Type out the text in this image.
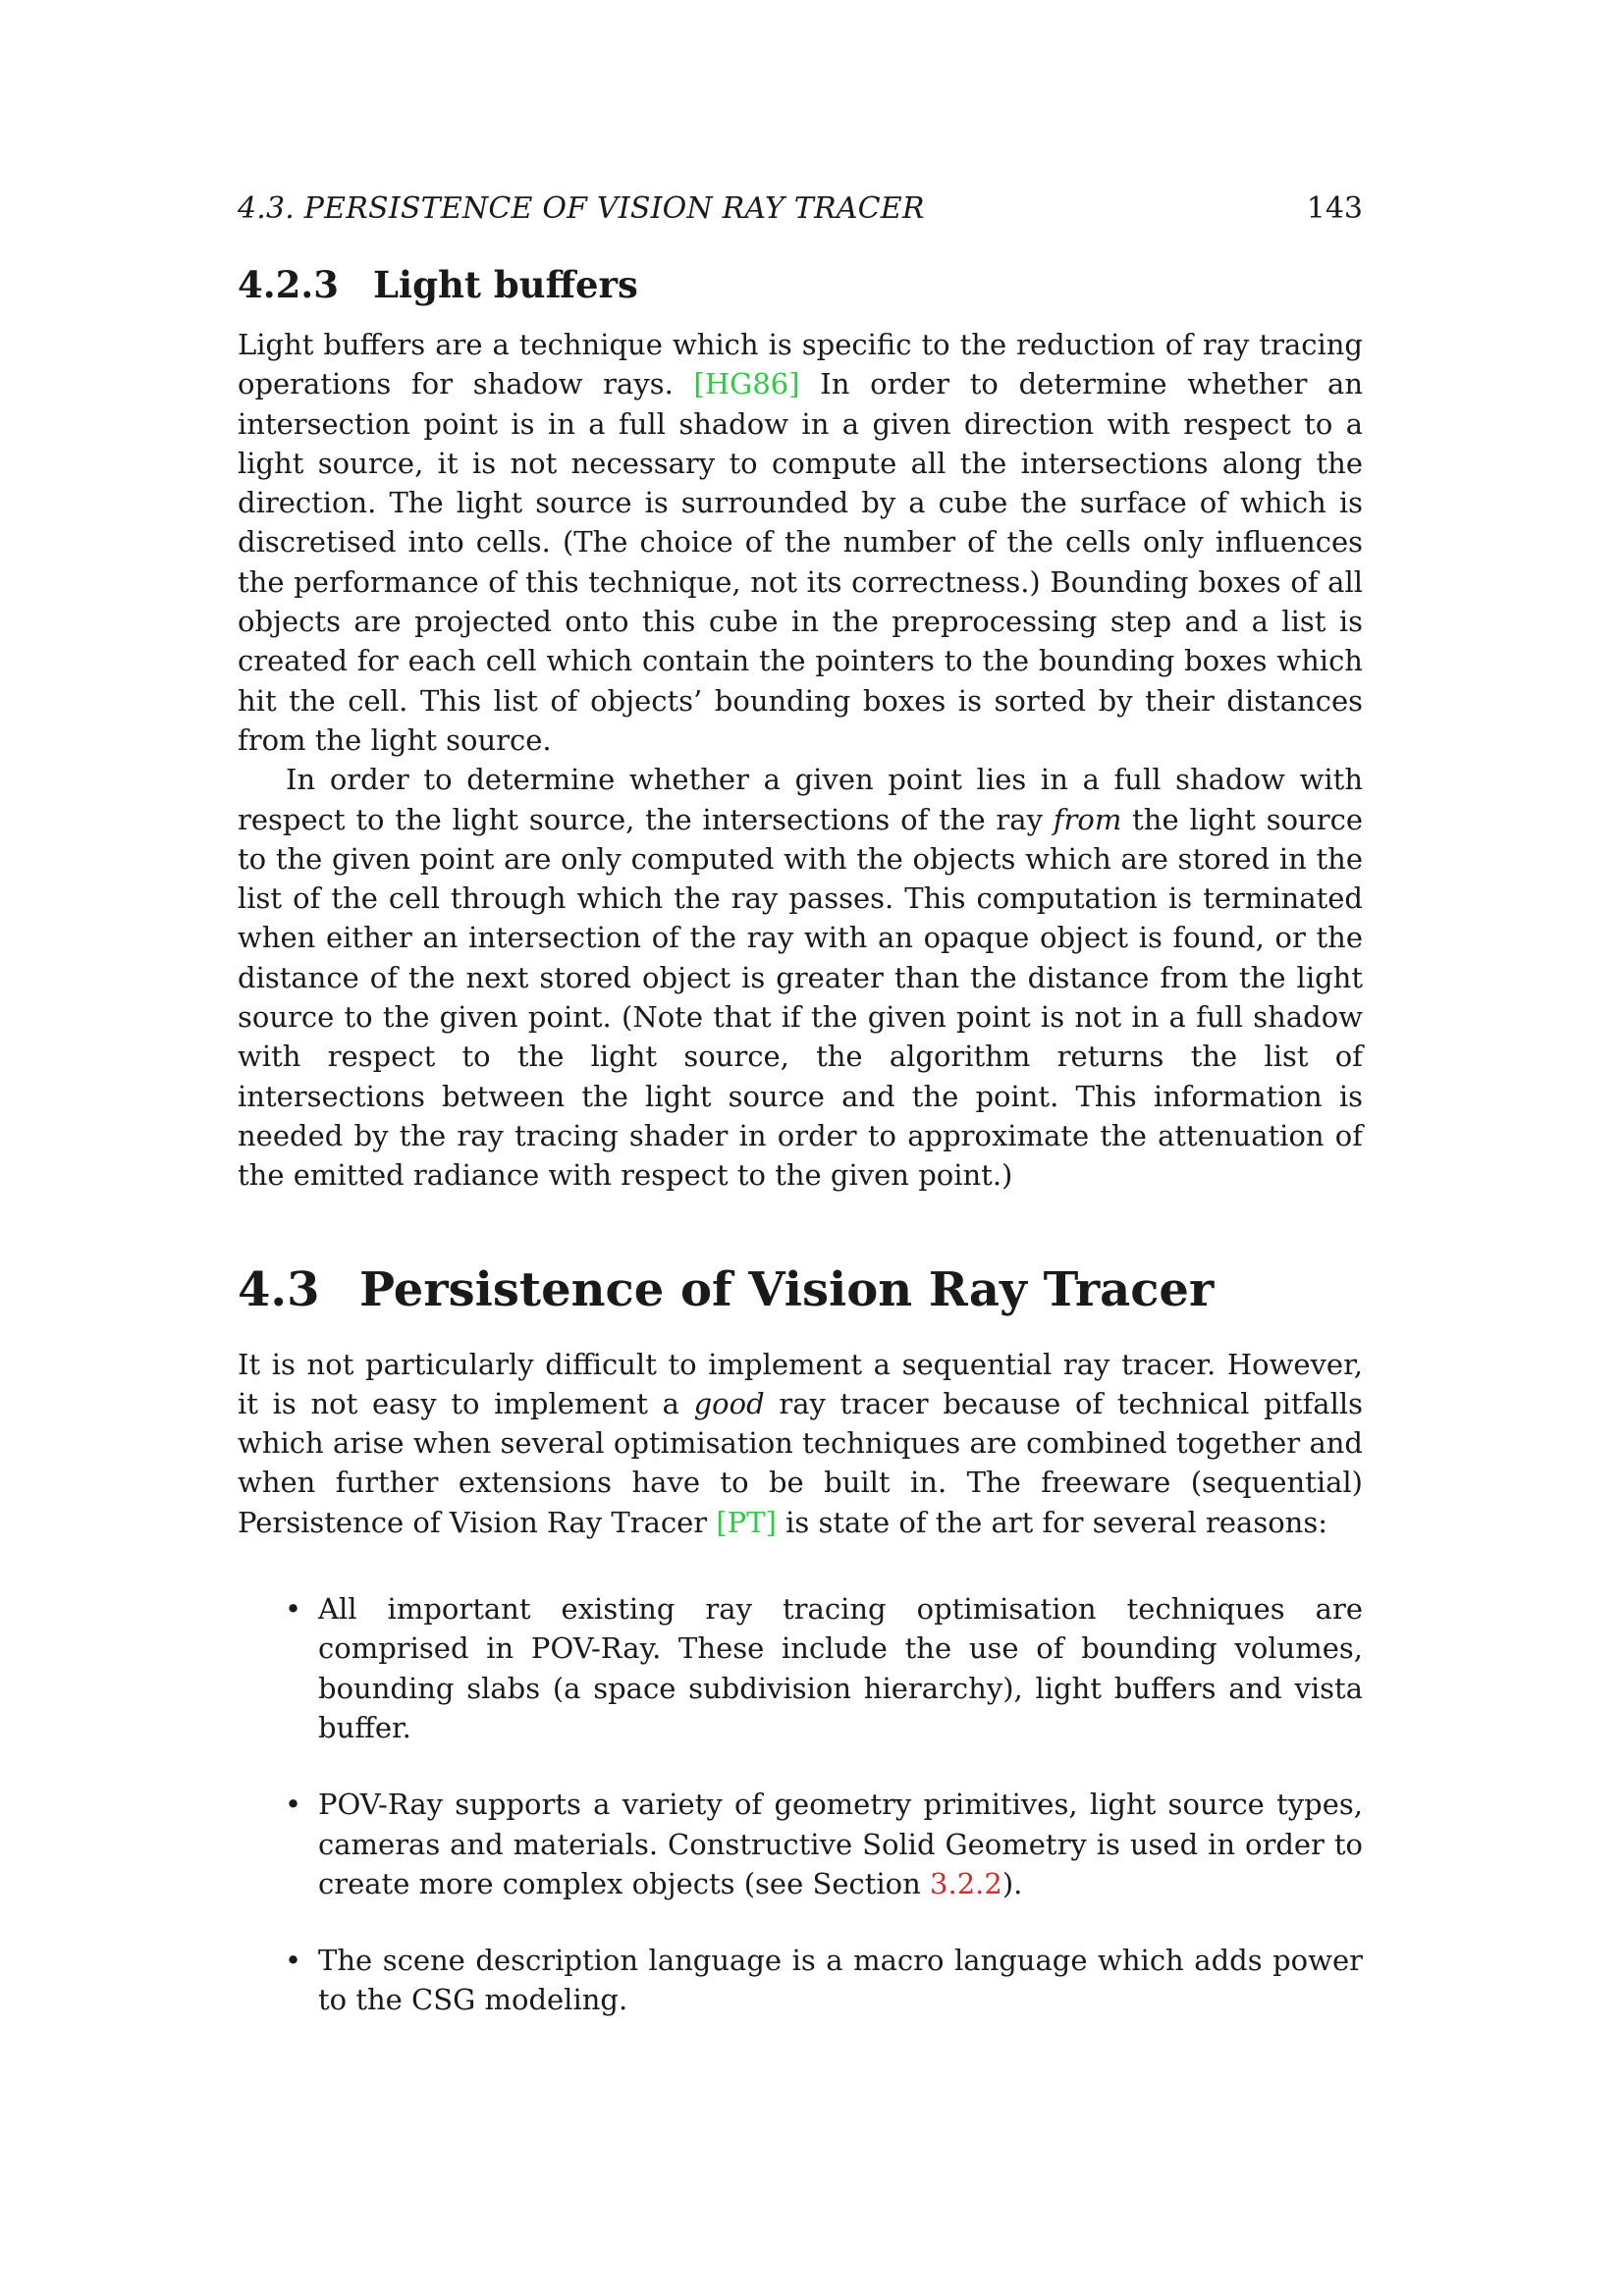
4.3. PERSISTENCE OF VISION RAY TRACER	143
4.2.3 Light buffers

Light buffers are a technique which is specific to the reduction of ray tracing operations for shadow rays. [HG86] In order to determine whether an intersection point is in a full shadow in a given direction with respect to a light source, it is not necessary to compute all the intersections along the direction. The light source is surrounded by a cube the surface of which is discretised into cells. (The choice of the number of the cells only influences the performance of this technique, not its correctness.) Bounding boxes of all objects are projected onto this cube in the preprocessing step and a list is created for each cell which contain the pointers to the bounding boxes which hit the cell. This list of objects’ bounding boxes is sorted by their distances from the light source.

In order to determine whether a given point lies in a full shadow with respect to the light source, the intersections of the ray from the light source to the given point are only computed with the objects which are stored in the list of the cell through which the ray passes. This computation is terminated when either an intersection of the ray with an opaque object is found, or the distance of the next stored object is greater than the distance from the light source to the given point. (Note that if the given point is not in a full shadow with respect to the light source, the algorithm returns the list of intersections between the light source and the point. This information is needed by the ray tracing shader in order to approximate the attenuation of the emitted radiance with respect to the given point.)

4.3 Persistence of Vision Ray Tracer

It is not particularly difficult to implement a sequential ray tracer. However, it is not easy to implement a good ray tracer because of technical pitfalls which arise when several optimisation techniques are combined together and when further extensions have to be built in. The freeware (sequential) Persistence of Vision Ray Tracer [PT] is state of the art for several reasons:

• All important existing ray tracing optimisation techniques are comprised in POV-Ray. These include the use of bounding volumes, bounding slabs (a space subdivision hierarchy), light buffers and vista buffer.

• POV-Ray supports a variety of geometry primitives, light source types, cameras and materials. Constructive Solid Geometry is used in order to create more complex objects (see Section 3.2.2).

• The scene description language is a macro language which adds power to the CSG modeling.
